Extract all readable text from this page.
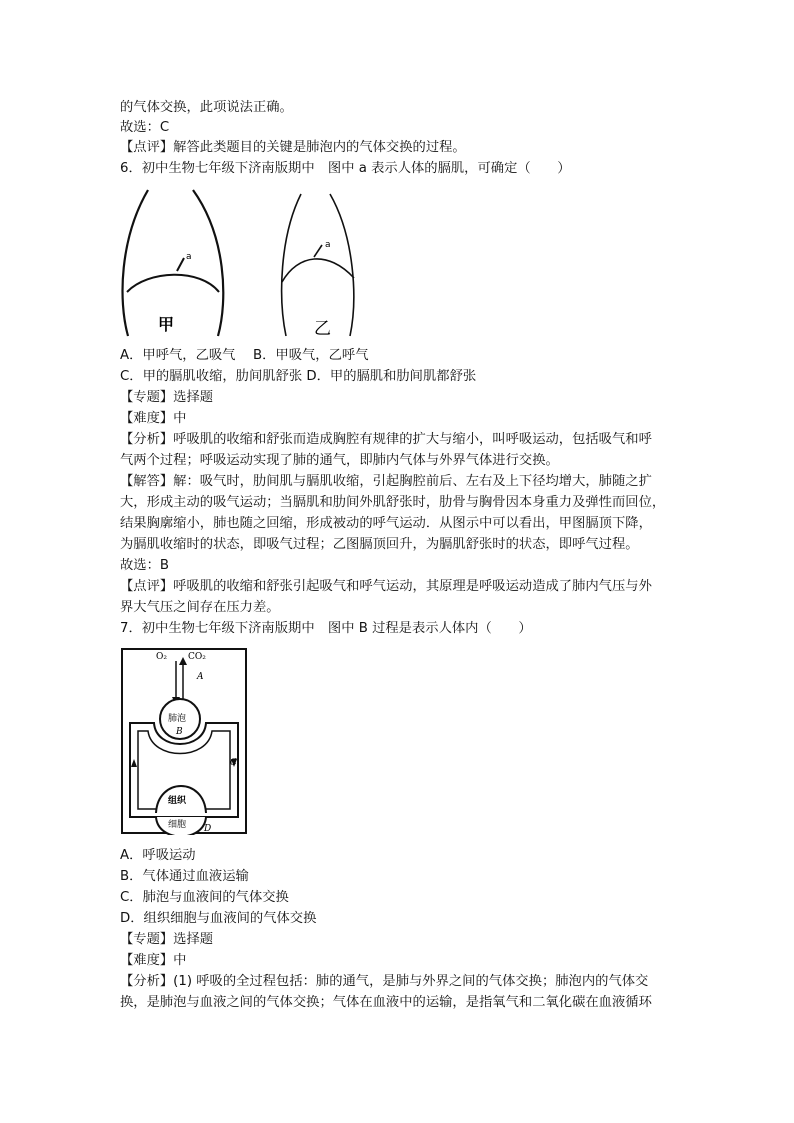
的气体交换，此项说法正确。
故选：C
【点评】解答此类题目的关键是肺泡内的气体交换的过程。
6．初中生物七年级下济南版期中　图中 a 表示人体的膈肌，可确定（　　）
a
甲
a
乙
A．甲呼气，乙吸气　 B．甲吸气，乙呼气
C．甲的膈肌收缩，肋间肌舒张 D．甲的膈肌和肋间肌都舒张
【专题】选择题
【难度】中
【分析】呼吸肌的收缩和舒张而造成胸腔有规律的扩大与缩小，叫呼吸运动，包括吸气和呼
气两个过程；呼吸运动实现了肺的通气，即肺内气体与外界气体进行交换。
【解答】解：吸气时，肋间肌与膈肌收缩，引起胸腔前后、左右及上下径均增大，肺随之扩
大，形成主动的吸气运动；当膈肌和肋间外肌舒张时，肋骨与胸骨因本身重力及弹性而回位，
结果胸廓缩小，肺也随之回缩，形成被动的呼气运动．从图示中可以看出，甲图膈顶下降，
为膈肌收缩时的状态，即吸气过程；乙图膈顶回升，为膈肌舒张时的状态，即呼气过程。
故选：B
【点评】呼吸肌的收缩和舒张引起吸气和呼气运动，其原理是呼吸运动造成了肺内气压与外
界大气压之间存在压力差。
7．初中生物七年级下济南版期中　图中 B 过程是表示人体内（　　）
O₂ CO₂
A
肺泡
B
C
组织
细胞 D
A．呼吸运动
B．气体通过血液运输
C．肺泡与血液间的气体交换
D．组织细胞与血液间的气体交换
【专题】选择题
【难度】中
【分析】(1) 呼吸的全过程包括：肺的通气，是肺与外界之间的气体交换；肺泡内的气体交
换，是肺泡与血液之间的气体交换；气体在血液中的运输，是指氧气和二氧化碳在血液循环
